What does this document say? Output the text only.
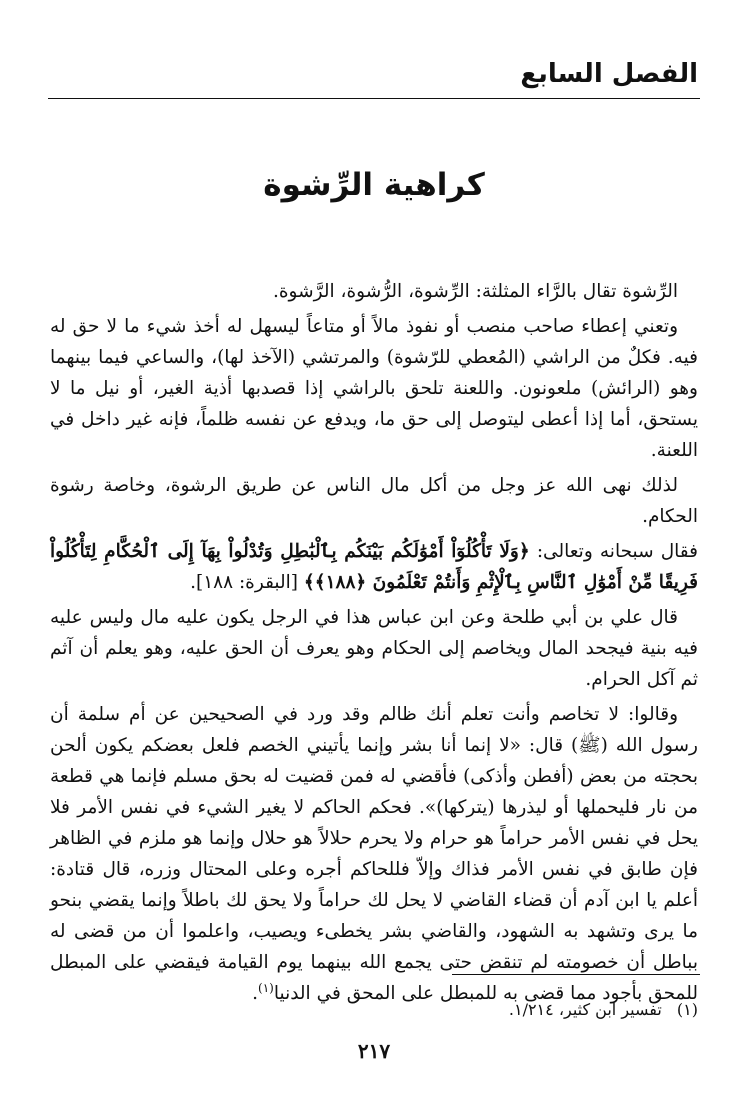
الفصل السابع
كراهية الرِّشوة

الرِّشوة تقال بالرَّاء المثلثة: الرِّشوة، الرُّشوة، الرَّشوة.

وتعني إعطاء صاحب منصب أو نفوذ مالاً أو متاعاً ليسهل له أخذ شيء ما لا حق له فيه. فكلٌ من الراشي (المُعطي للرّشوة) والمرتشي (الآخذ لها)، والساعي فيما بينهما وهو (الرائش) ملعونون. واللعنة تلحق بالراشي إذا قصدبها أذية الغير، أو نيل ما لا يستحق، أما إذا أعطى ليتوصل إلى حق ما، ويدفع عن نفسه ظلماً، فإنه غير داخل في اللعنة.

لذلك نهى الله عز وجل من أكل مال الناس عن طريق الرشوة، وخاصة رشوة الحكام.

فقال سبحانه وتعالى: ﴿وَلَا تَأْكُلُوٓاْ أَمْوَٰلَكُم بَيْنَكُم بِٱلْبَٰطِلِ وَتُدْلُواْ بِهَآ إِلَى ٱلْحُكَّامِ لِتَأْكُلُواْ فَرِيقًا مِّنْ أَمْوَٰلِ ٱلنَّاسِ بِٱلْإِثْمِ وَأَنتُمْ تَعْلَمُونَ ﴿١٨٨﴾﴾ [البقرة: ١٨٨].

قال علي بن أبي طلحة وعن ابن عباس هذا في الرجل يكون عليه مال وليس عليه فيه بنية فيجحد المال ويخاصم إلى الحكام وهو يعرف أن الحق عليه، وهو يعلم أن آثم ثم آكل الحرام.

وقالوا: لا تخاصم وأنت تعلم أنك ظالم وقد ورد في الصحيحين عن أم سلمة أن رسول الله (ﷺ) قال: «لا إنما أنا بشر وإنما يأتيني الخصم فلعل بعضكم يكون ألحن بحجته من بعض (أفطن وأذكى) فأقضي له فمن قضيت له بحق مسلم فإنما هي قطعة من نار فليحملها أو ليذرها (يتركها)». فحكم الحاكم لا يغير الشيء في نفس الأمر فلا يحل في نفس الأمر حراماً هو حرام ولا يحرم حلالاً هو حلال وإنما هو ملزم في الظاهر فإن طابق في نفس الأمر فذاك وإلاّ فللحاكم أجره وعلى المحتال وزره، قال قتادة: أعلم يا ابن آدم أن قضاء القاضي لا يحل لك حراماً ولا يحق لك باطلاً وإنما يقضي بنحو ما يرى وتشهد به الشهود، والقاضي بشر يخطىء ويصيب، واعلموا أن من قضى له بباطل أن خصومته لم تنقض حتى يجمع الله بينهما يوم القيامة فيقضي على المبطل للمحق بأجود مما قضى به للمبطل على المحق في الدنيا$^{(١)}$.

(١) تفسير ابن كثير، ١/٢١٤.
٢١٧
